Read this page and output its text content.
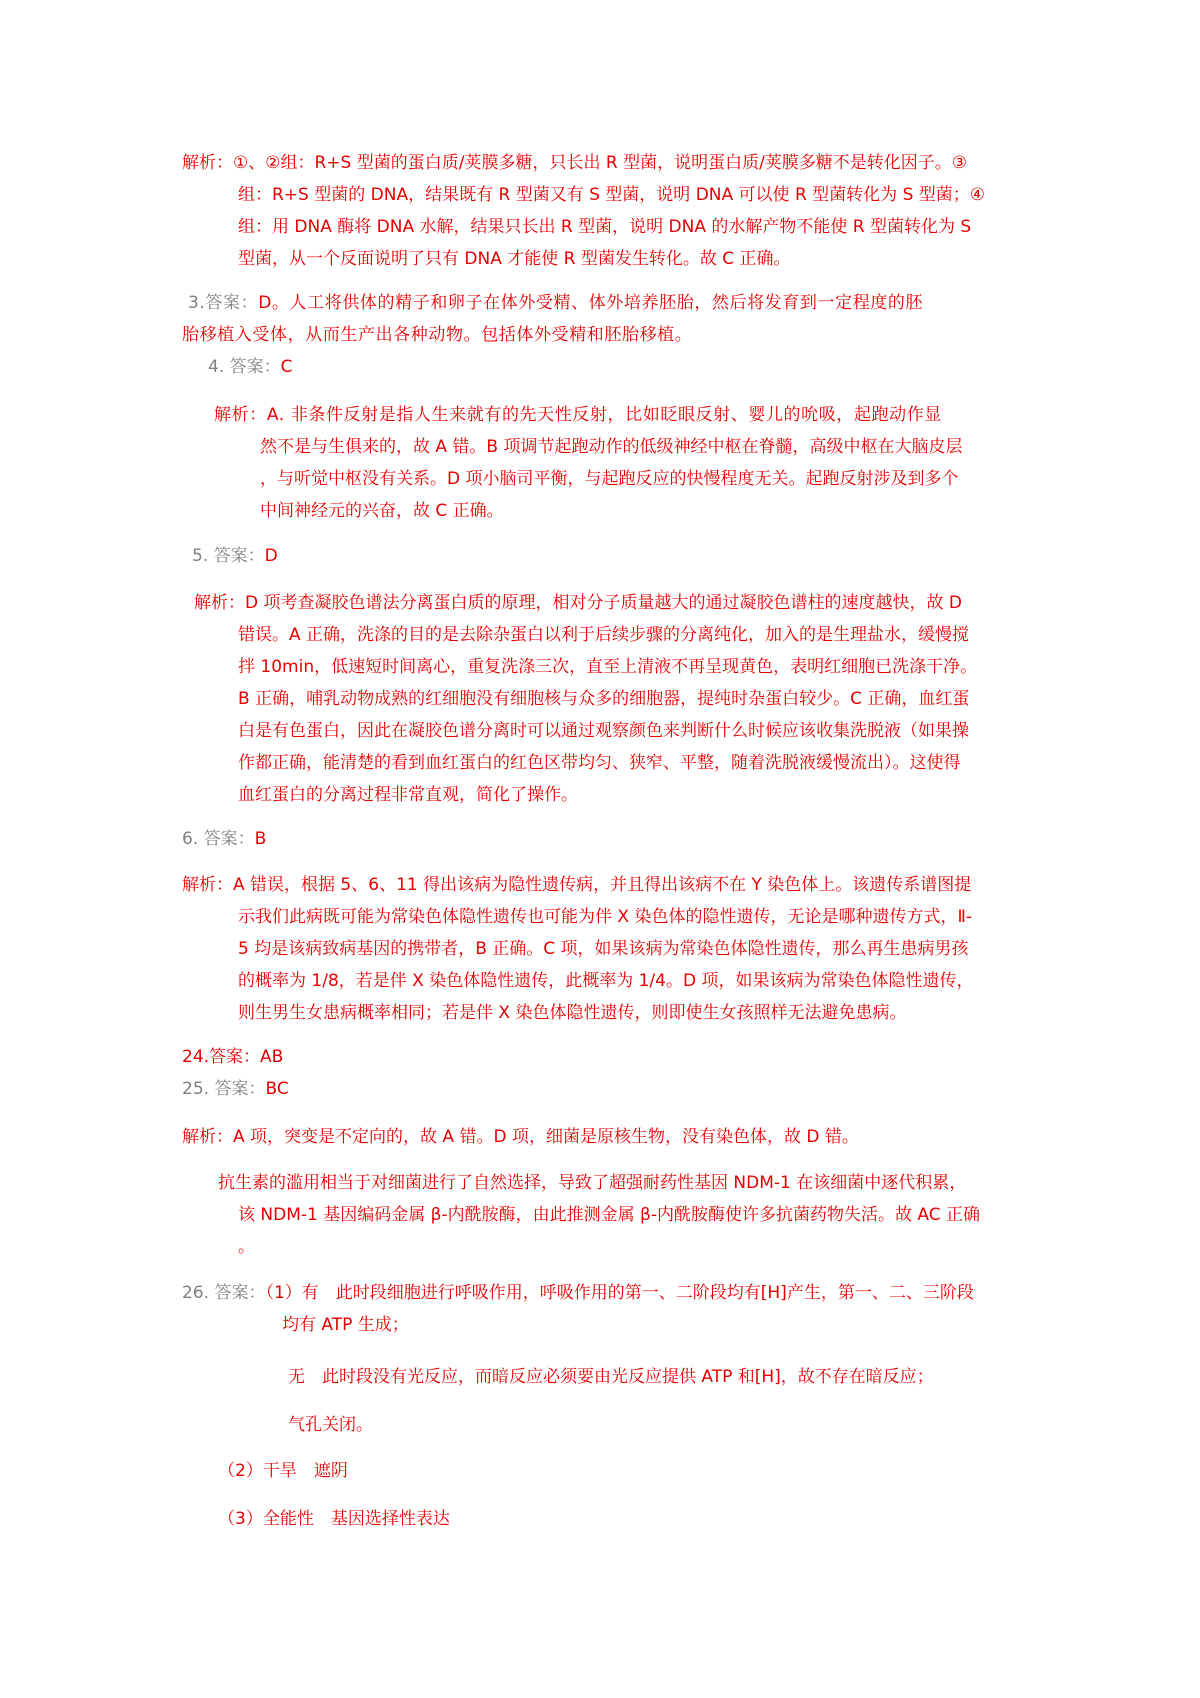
解析：①、②组：R+S 型菌的蛋白质/荚膜多糖，只长出 R 型菌，说明蛋白质/荚膜多糖不是转化因子。③

组：R+S 型菌的 DNA，结果既有 R 型菌又有 S 型菌，说明 DNA 可以使 R 型菌转化为 S 型菌；④

组：用 DNA 酶将 DNA 水解，结果只长出 R 型菌，说明 DNA 的水解产物不能使 R 型菌转化为 S

型菌，从一个反面说明了只有 DNA 才能使 R 型菌发生转化。故 C 正确。

3.答案：D。人工将供体的精子和卵子在体外受精、体外培养胚胎，然后将发育到一定程度的胚

胎移植入受体，从而生产出各种动物。包括体外受精和胚胎移植。

4. 答案：C

解析：A. 非条件反射是指人生来就有的先天性反射，比如眨眼反射、婴儿的吮吸，起跑动作显

然不是与生俱来的，故 A 错。B 项调节起跑动作的低级神经中枢在脊髓，高级中枢在大脑皮层

，与听觉中枢没有关系。D 项小脑司平衡，与起跑反应的快慢程度无关。起跑反射涉及到多个

中间神经元的兴奋，故 C 正确。

5. 答案：D

解析：D 项考查凝胶色谱法分离蛋白质的原理，相对分子质量越大的通过凝胶色谱柱的速度越快，故 D

错误。A 正确，洗涤的目的是去除杂蛋白以利于后续步骤的分离纯化，加入的是生理盐水，缓慢搅

拌 10min，低速短时间离心，重复洗涤三次，直至上清液不再呈现黄色，表明红细胞已洗涤干净。

B 正确，哺乳动物成熟的红细胞没有细胞核与众多的细胞器，提纯时杂蛋白较少。C 正确，血红蛋

白是有色蛋白，因此在凝胶色谱分离时可以通过观察颜色来判断什么时候应该收集洗脱液（如果操

作都正确，能清楚的看到血红蛋白的红色区带均匀、狭窄、平整，随着洗脱液缓慢流出）。这使得

血红蛋白的分离过程非常直观，简化了操作。

6. 答案：B

解析：A 错误，根据 5、6、11 得出该病为隐性遗传病，并且得出该病不在 Y 染色体上。该遗传系谱图提

示我们此病既可能为常染色体隐性遗传也可能为伴 X 染色体的隐性遗传，无论是哪种遗传方式，Ⅱ-

5 均是该病致病基因的携带者，B 正确。C 项，如果该病为常染色体隐性遗传，那么再生患病男孩

的概率为 1/8，若是伴 X 染色体隐性遗传，此概率为 1/4。D 项，如果该病为常染色体隐性遗传，

则生男生女患病概率相同；若是伴 X 染色体隐性遗传，则即使生女孩照样无法避免患病。

24.答案：AB

25. 答案：BC

解析：A 项，突变是不定向的，故 A 错。D 项，细菌是原核生物，没有染色体，故 D 错。

抗生素的滥用相当于对细菌进行了自然选择，导致了超强耐药性基因 NDM-1 在该细菌中逐代积累，

该 NDM-1 基因编码金属 β-内酰胺酶，由此推测金属 β-内酰胺酶使许多抗菌药物失活。故 AC 正确

。

26. 答案：（1）有　此时段细胞进行呼吸作用，呼吸作用的第一、二阶段均有[H]产生，第一、二、三阶段

均有 ATP 生成；

无　此时段没有光反应，而暗反应必须要由光反应提供 ATP 和[H]，故不存在暗反应；

气孔关闭。

（2）干旱　遮阴

（3）全能性　基因选择性表达
